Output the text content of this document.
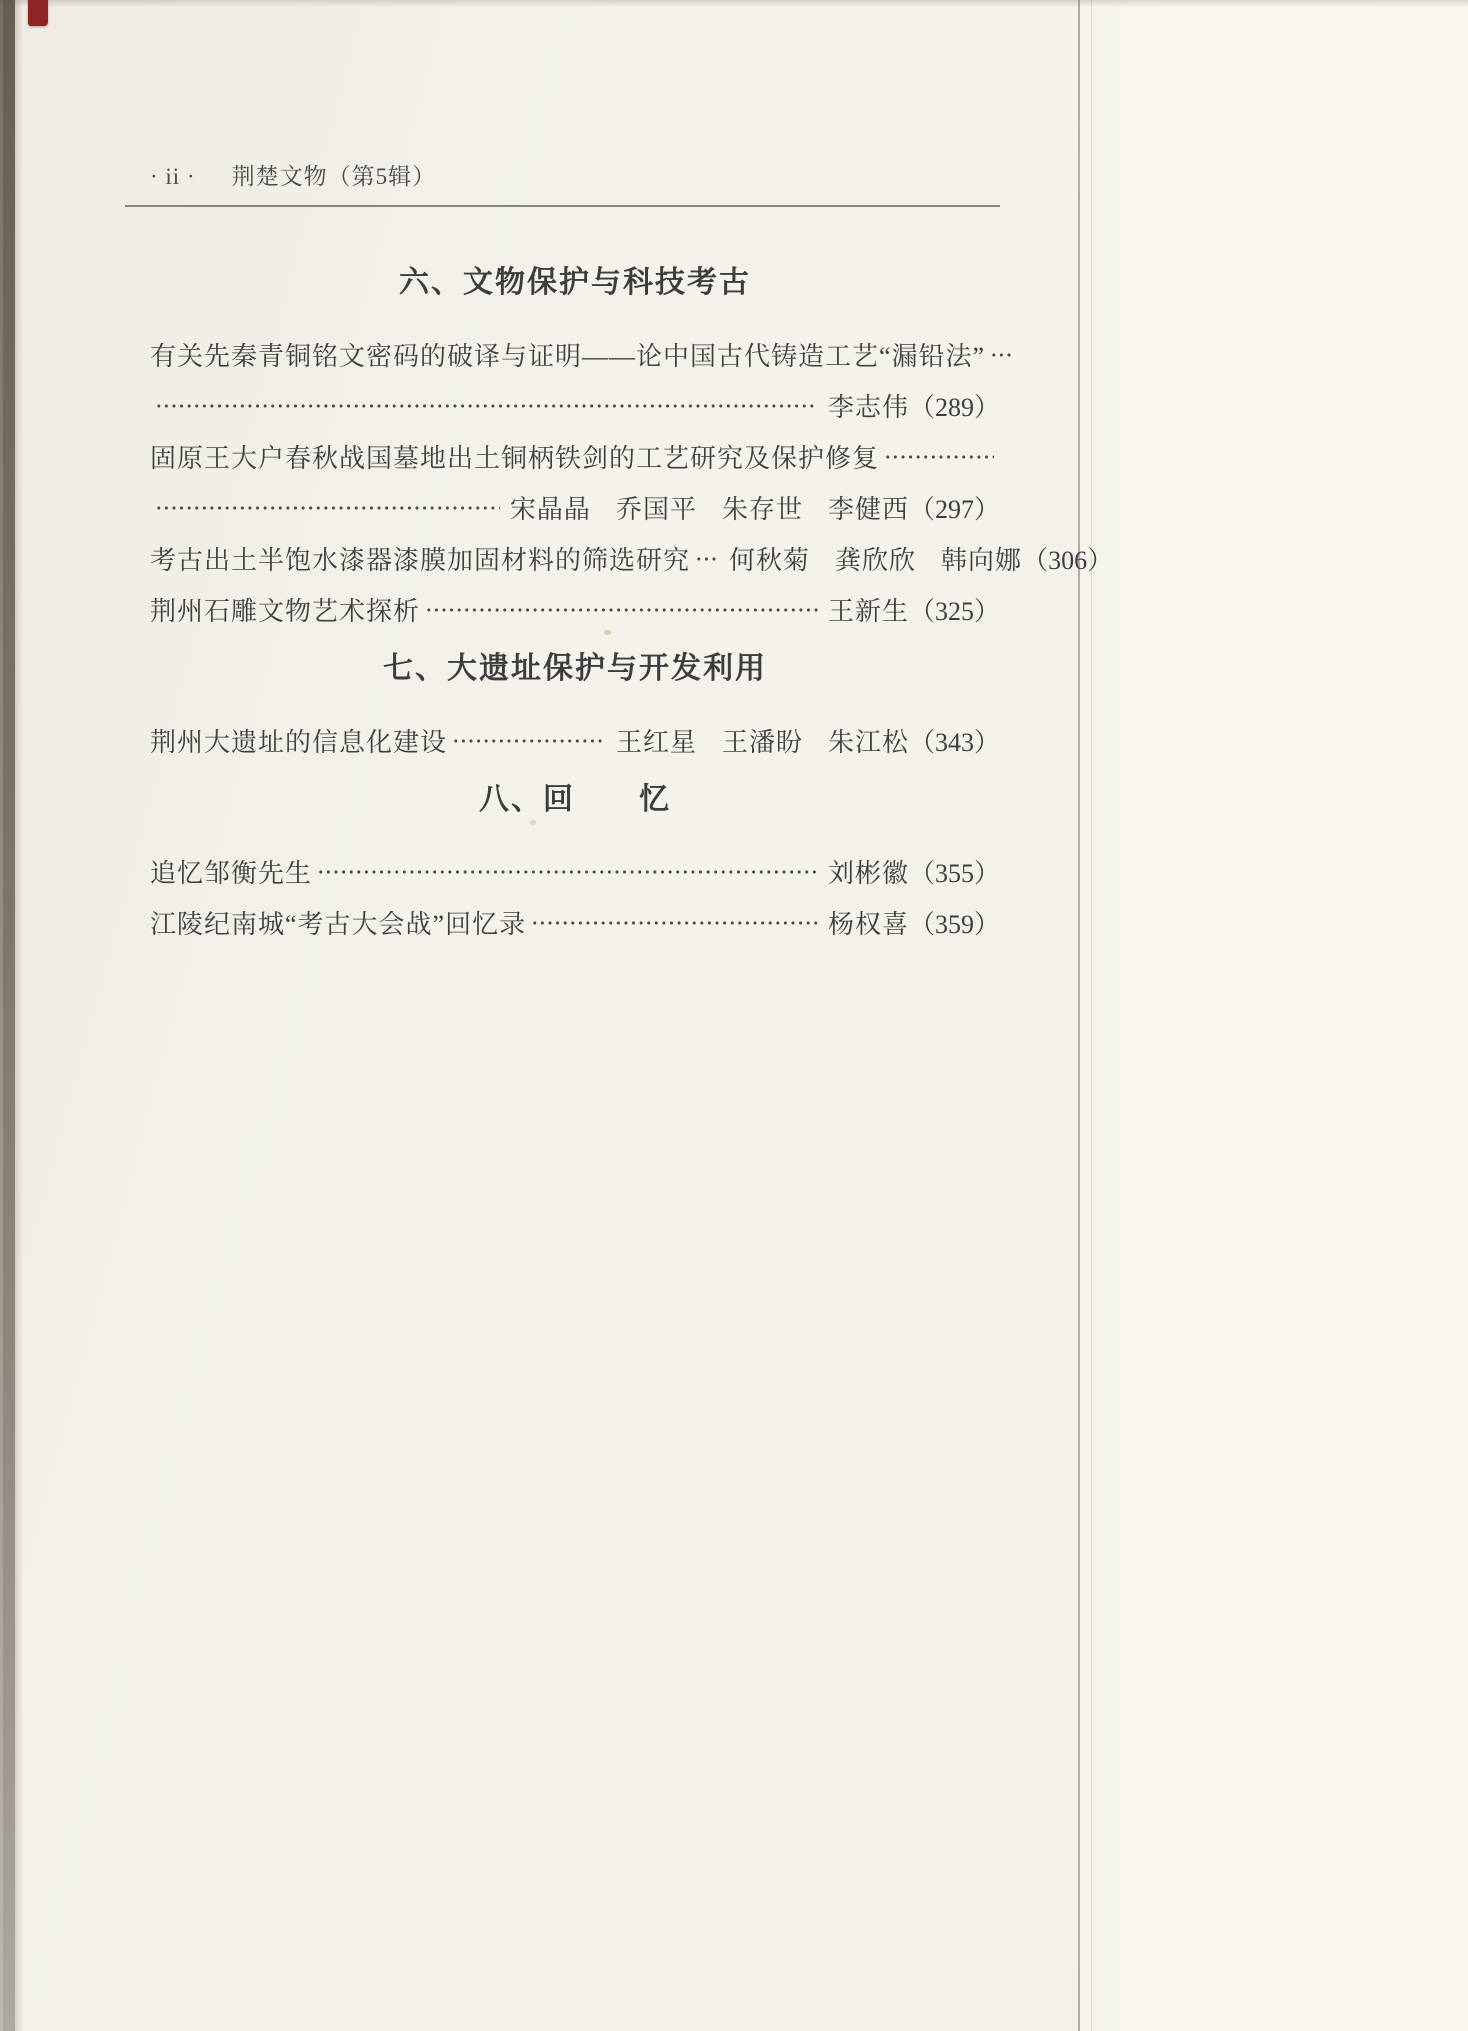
· ii · 荆楚文物（第5辑）
六、文物保护与科技考古
有关先秦青铜铭文密码的破译与证明——论中国古代铸造工艺“漏铅法”
李志伟 （289）
固原王大户春秋战国墓地出土铜柄铁剑的工艺研究及保护修复
宋晶晶 乔国平 朱存世 李健西 （297）
考古出土半饱水漆器漆膜加固材料的筛选研究 何秋菊 龚欣欣 韩向娜 （306）
荆州石雕文物艺术探析	王新生 （325）
七、大遗址保护与开发利用
荆州大遗址的信息化建设	王红星 王潘盼 朱江松 （343）
八、回　　忆
追忆邹衡先生	刘彬徽 （355）
江陵纪南城“考古大会战”回忆录	杨权喜 （359）
